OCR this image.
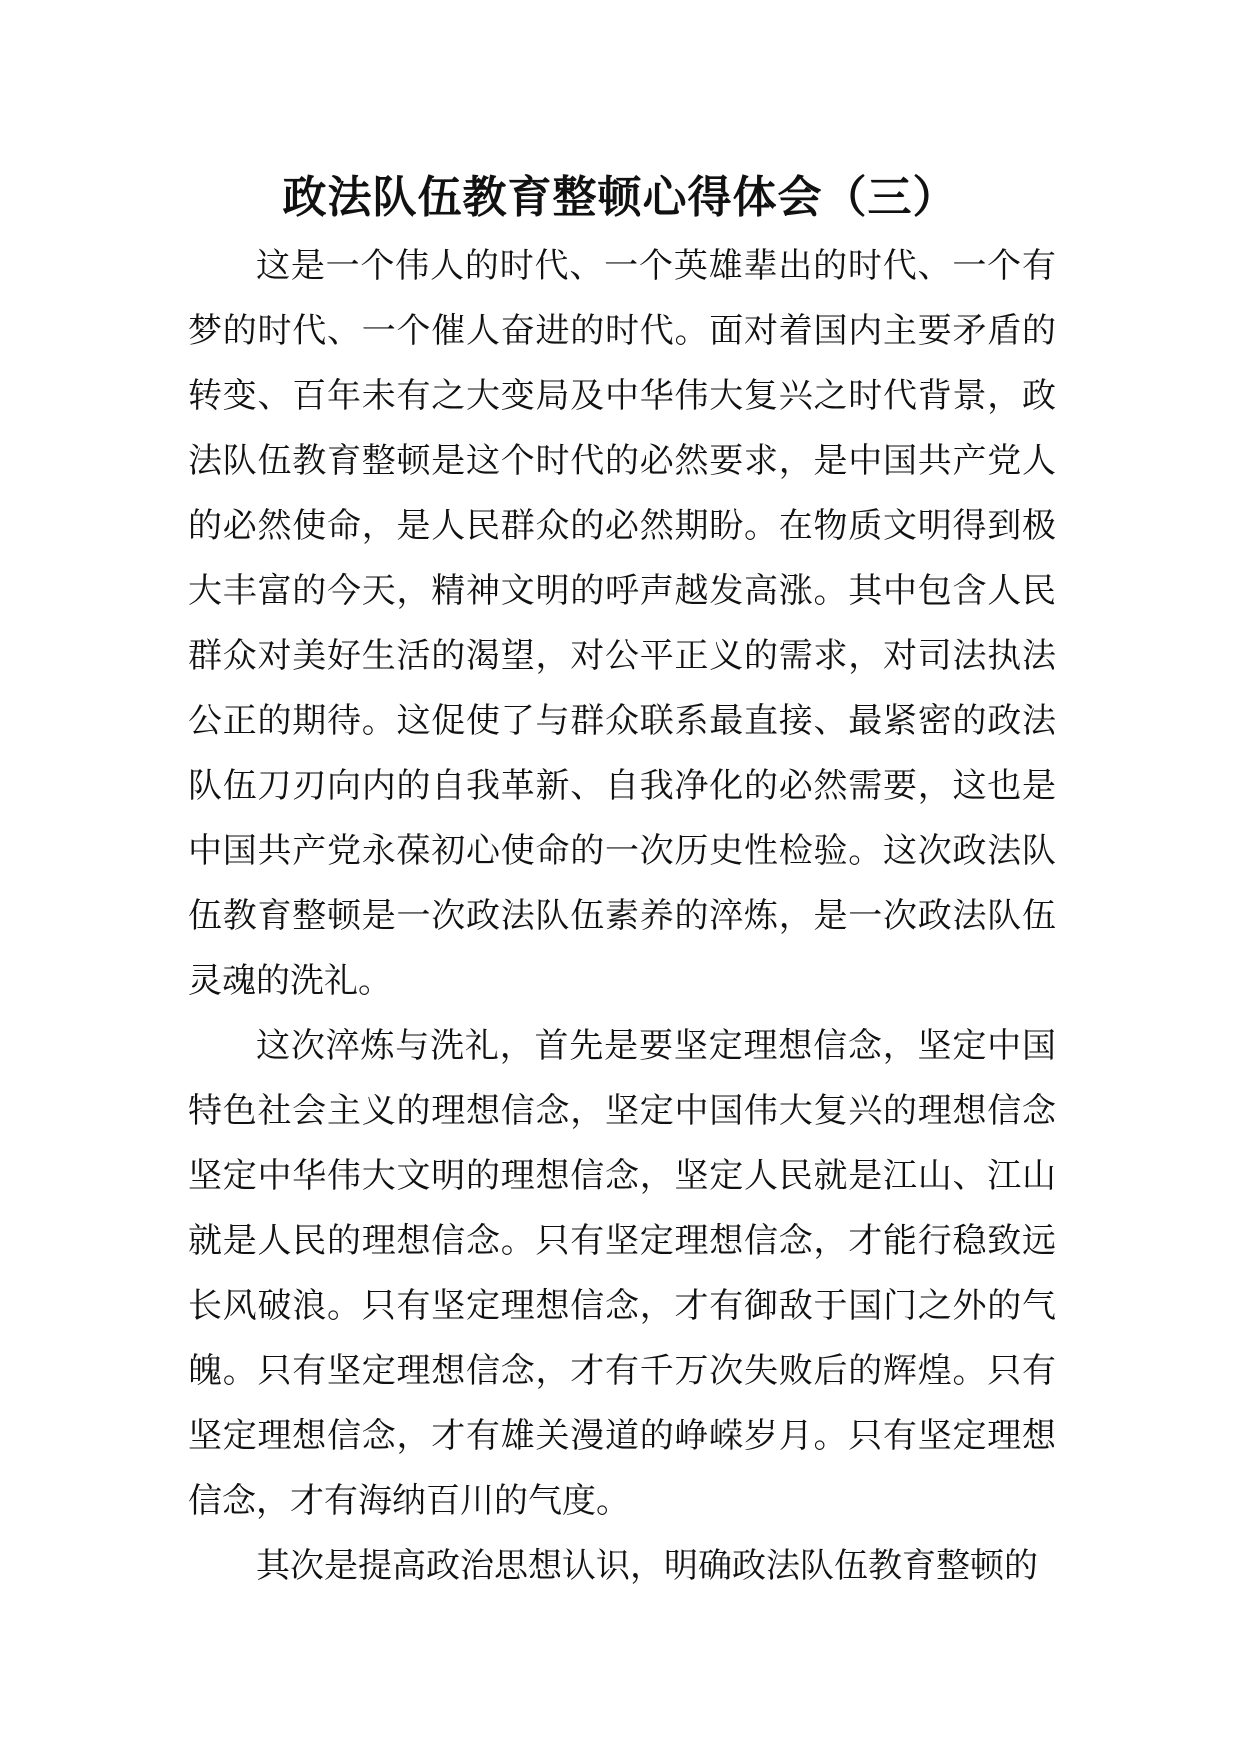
政法队伍教育整顿心得体会（三）

这是一个伟人的时代、一个英雄辈出的时代、一个有梦的时代、一个催人奋进的时代。面对着国内主要矛盾的转变、百年未有之大变局及中华伟大复兴之时代背景，政法队伍教育整顿是这个时代的必然要求，是中国共产党人的必然使命，是人民群众的必然期盼。在物质文明得到极大丰富的今天，精神文明的呼声越发高涨。其中包含人民群众对美好生活的渴望，对公平正义的需求，对司法执法公正的期待。这促使了与群众联系最直接、最紧密的政法队伍刀刃向内的自我革新、自我净化的必然需要，这也是中国共产党永葆初心使命的一次历史性检验。这次政法队伍教育整顿是一次政法队伍素养的淬炼，是一次政法队伍灵魂的洗礼。

这次淬炼与洗礼，首先是要坚定理想信念，坚定中国特色社会主义的理想信念，坚定中国伟大复兴的理想信念坚定中华伟大文明的理想信念，坚定人民就是江山、江山就是人民的理想信念。只有坚定理想信念，才能行稳致远长风破浪。只有坚定理想信念，才有御敌于国门之外的气魄。只有坚定理想信念，才有千万次失败后的辉煌。只有坚定理想信念，才有雄关漫道的峥嵘岁月。只有坚定理想信念，才有海纳百川的气度。

其次是提高政治思想认识，明确政法队伍教育整顿的
